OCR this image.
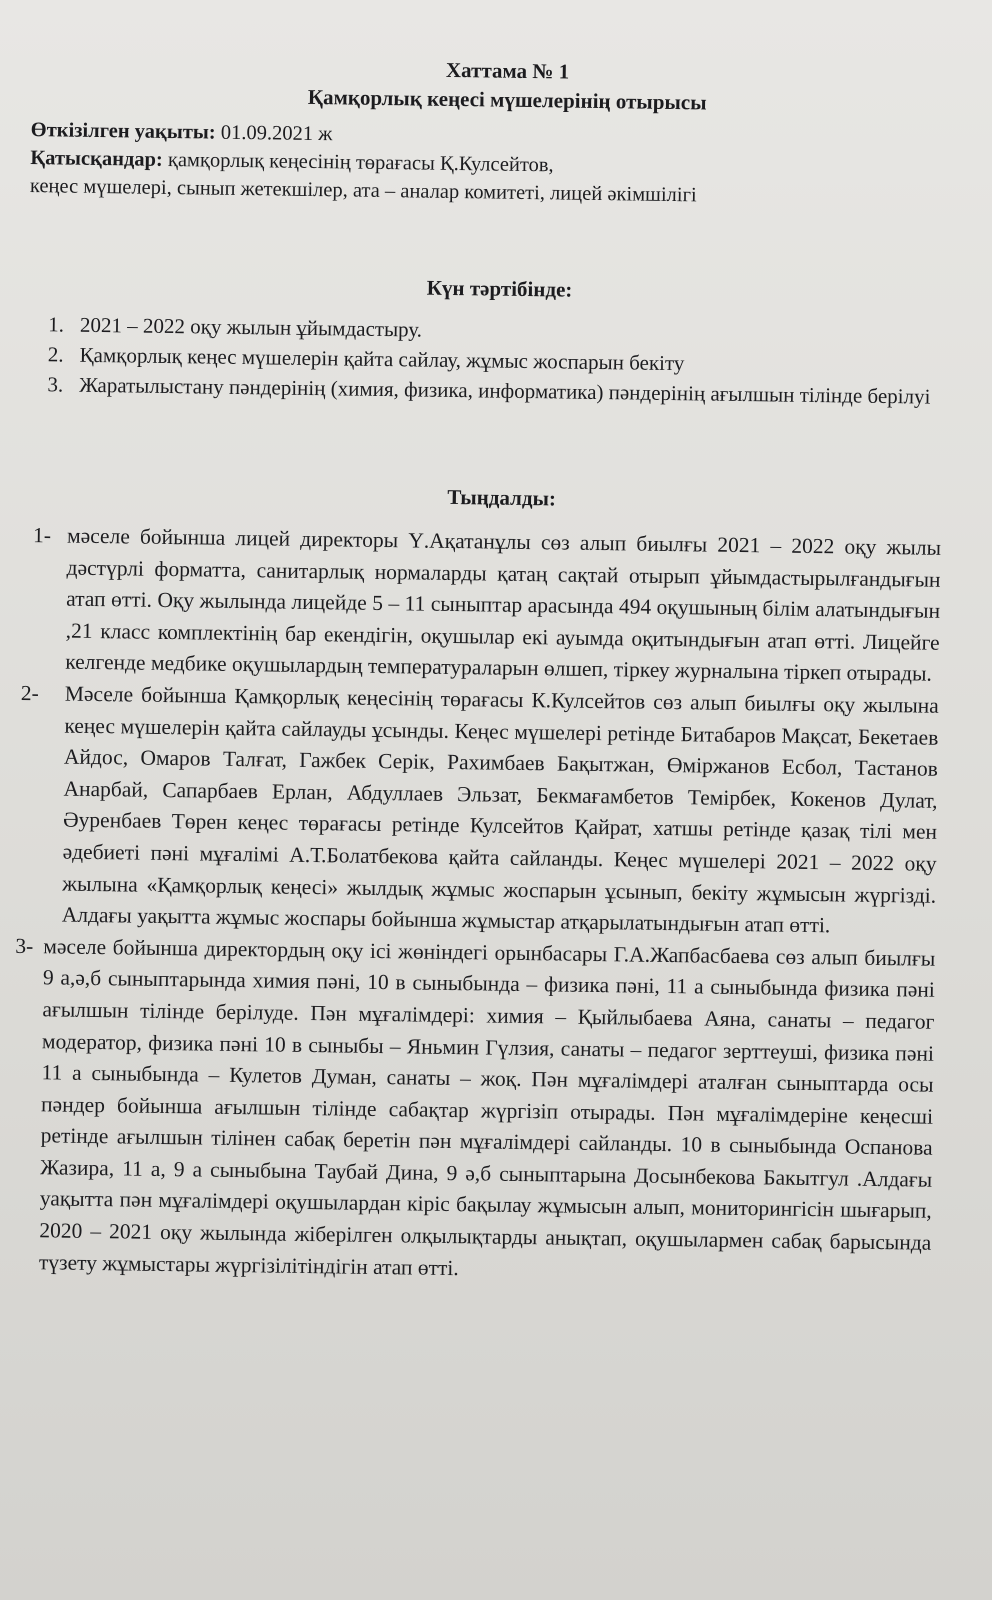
Хаттама № 1
Қамқорлық кеңесі мүшелерінің отырысы

Өткізілген уақыты: 01.09.2021 ж

Қатысқандар: қамқорлық кеңесінің төрағасы Қ.Кулсейтов,

кеңес мүшелері, сынып жетекшілер, ата – аналар комитеті, лицей әкімшілігі

Күн тәртібінде:
1. 2021 – 2022 оқу жылын ұйымдастыру.
2. Қамқорлық кеңес мүшелерін қайта сайлау, жұмыс жоспарын бекіту
3. Жаратылыстану пәндерінің (химия, физика, информатика) пәндерінің ағылшын тілінде берілуі
Тыңдалды:
1- мәселе бойынша лицей директоры Ү.Ақатанұлы сөз алып биылғы 2021 – 2022 оқу жылы дәстүрлі форматта, санитарлық нормаларды қатаң сақтай отырып ұйымдастырылғандығын атап өтті. Оқу жылында лицейде 5 – 11 сыныптар арасында 494 оқушының білім алатындығын ,21 класс комплектінің бар екендігін, оқушылар екі ауымда оқитындығын атап өтті. Лицейге келгенде медбике оқушылардың температураларын өлшеп, тіркеу журналына тіркеп отырады.
2-	Мәселе бойынша Қамқорлық кеңесінің төрағасы К.Кулсейтов сөз алып биылғы оқу жылына кеңес мүшелерін қайта сайлауды ұсынды. Кеңес мүшелері ретінде Битабаров Мақсат, Бекетаев Айдос, Омаров Талғат, Гажбек Серік, Рахимбаев Бақытжан, Өміржанов Есбол, Тастанов Анарбай, Сапарбаев Ерлан, Абдуллаев Эльзат, Бекмағамбетов Темірбек, Кокенов Дулат, Әуренбаев Төрен кеңес төрағасы ретінде Кулсейтов Қайрат, хатшы ретінде қазақ тілі мен әдебиеті пәні мұғалімі А.Т.Болатбекова қайта сайланды. Кеңес мүшелері 2021 – 2022 оқу жылына «Қамқорлық кеңесі» жылдық жұмыс жоспарын ұсынып, бекіту жұмысын жүргізді. Алдағы уақытта жұмыс жоспары бойынша жұмыстар атқарылатындығын атап өтті.
3- мәселе бойынша директордың оқу ісі жөніндегі орынбасары Г.А.Жапбасбаева сөз алып биылғы 9 а,ә,б сыныптарында химия пәні, 10 в сыныбында – физика пәні, 11 а сыныбында физика пәні ағылшын тілінде берілуде. Пән мұғалімдері: химия – Қыйлыбаева Аяна, санаты – педагог модератор, физика пәні 10 в сыныбы – Яньмин Гүлзия, санаты – педагог зерттеуші, физика пәні 11 а сыныбында – Кулетов Думан, санаты – жоқ. Пән мұғалімдері аталған сыныптарда осы пәндер бойынша ағылшын тілінде сабақтар жүргізіп отырады. Пән мұғалімдеріне кеңесші ретінде ағылшын тілінен сабақ беретін пән мұғалімдері сайланды. 10 в сыныбында Оспанова Жазира, 11 а, 9 а сыныбына Таубай Дина, 9 ә,б сыныптарына Досынбекова Бакытгул .Алдағы уақытта пән мұғалімдері оқушылардан кіріс бақылау жұмысын алып, мониторингісін шығарып, 2020 – 2021 оқу жылында жіберілген олқылықтарды анықтап, оқушылармен сабақ барысында түзету жұмыстары жүргізілітіндігін атап өтті.
